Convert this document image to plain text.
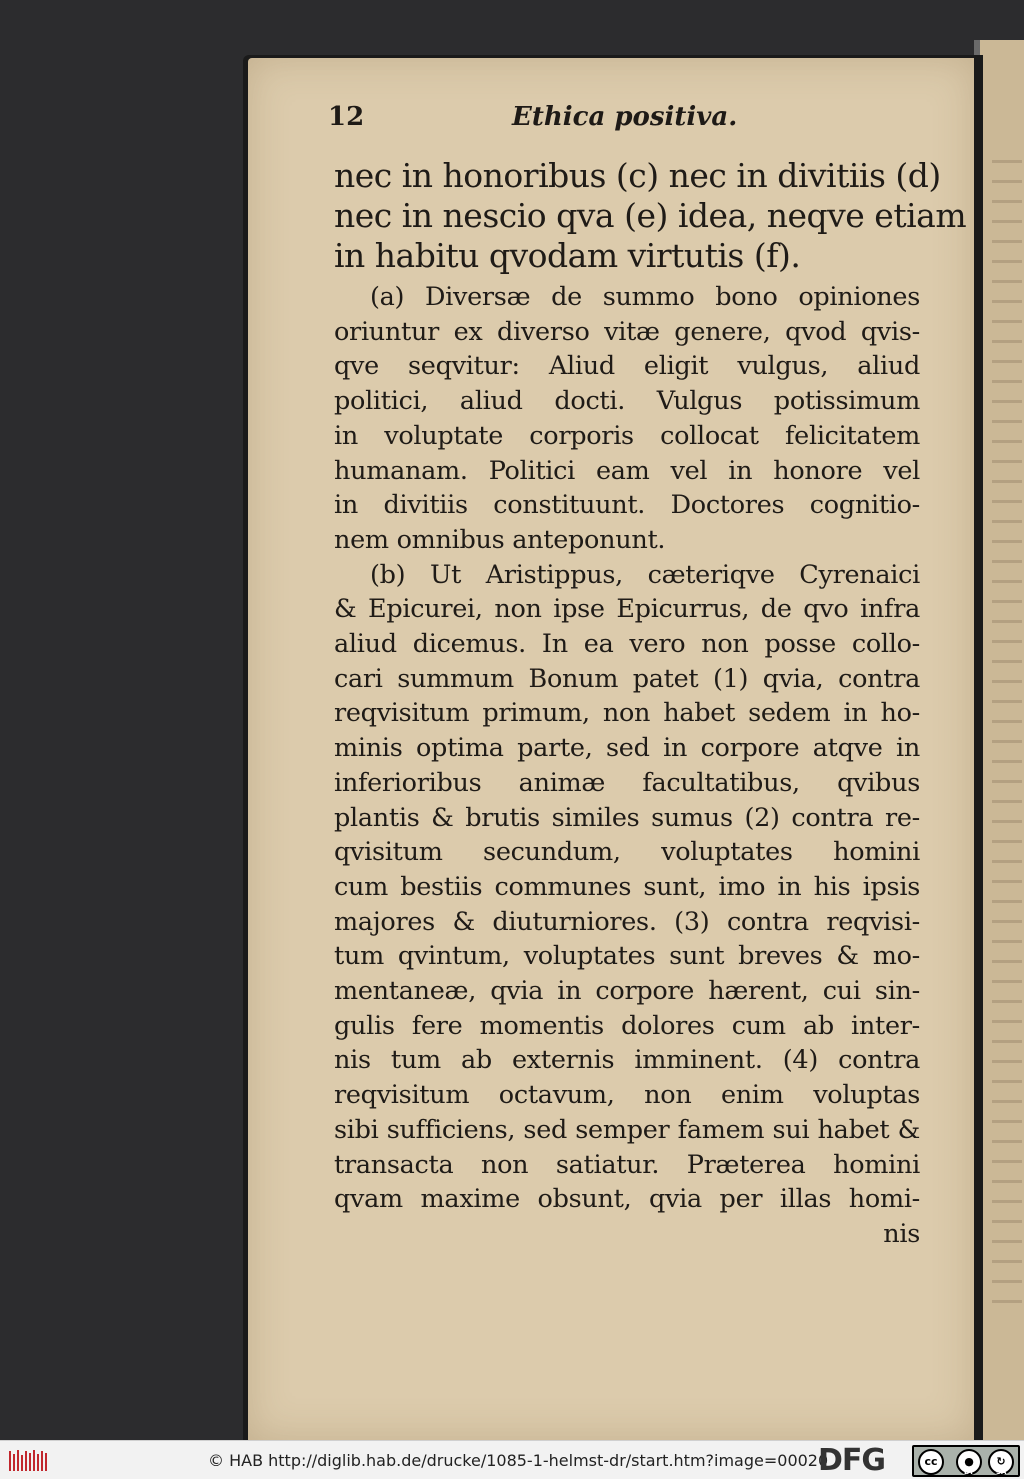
12	Ethica positiva.
nec in honoribus (c) nec in divitiis (d)
nec in nescio qva (e) idea, neqve etiam
in habitu qvodam virtutis (f).
(a) Diversæ de summo bono opiniones
oriuntur ex diverso vitæ genere, qvod qvis-
qve seqvitur: Aliud eligit vulgus, aliud
politici, aliud docti. Vulgus potissimum
in voluptate corporis collocat felicitatem
humanam. Politici eam vel in honore vel
in divitiis constituunt. Doctores cognitio-
nem omnibus anteponunt.
(b) Ut Aristippus, cæteriqve Cyrenaici
& Epicurei, non ipse Epicurrus, de qvo infra
aliud dicemus. In ea vero non posse collo-
cari summum Bonum patet (1) qvia, contra
reqvisitum primum, non habet sedem in ho-
minis optima parte, sed in corpore atqve in
inferioribus animæ facultatibus, qvibus
plantis & brutis similes sumus (2) contra re-
qvisitum secundum, voluptates homini
cum bestiis communes sunt, imo in his ipsis
majores & diuturniores. (3) contra reqvisi-
tum qvintum, voluptates sunt breves & mo-
mentaneæ, qvia in corpore hærent, cui sin-
gulis fere momentis dolores cum ab inter-
nis tum ab externis imminent. (4) contra
reqvisitum octavum, non enim voluptas
sibi sufficiens, sed semper famem sui habet &
transacta non satiatur. Præterea homini
qvam maxime obsunt, qvia per illas homi-
nis
© HAB http://diglib.hab.de/drucke/1085-1-helmst-dr/start.htm?image=00020
DFG	cc	●	↻
BY	SA
